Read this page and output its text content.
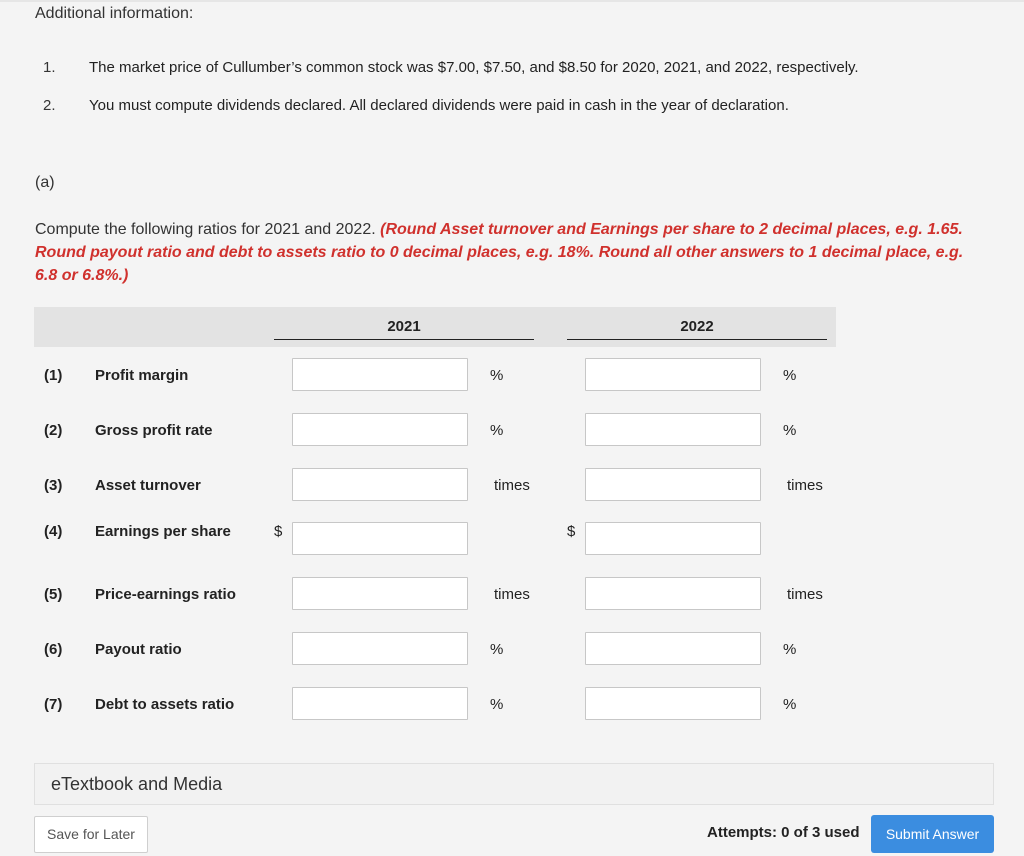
Additional information:
1. The market price of Cullumber’s common stock was $7.00, $7.50, and $8.50 for 2020, 2021, and 2022, respectively.
2. You must compute dividends declared. All declared dividends were paid in cash in the year of declaration.
(a)
Compute the following ratios for 2021 and 2022. (Round Asset turnover and Earnings per share to 2 decimal places, e.g. 1.65. Round payout ratio and debt to assets ratio to 0 decimal places, e.g. 18%. Round all other answers to 1 decimal place, e.g. 6.8 or 6.8%.)
2021	2022
(1) Profit margin	%	%
(2) Gross profit rate	%	%
(3) Asset turnover	times	times
(4) Earnings per share	$	$
(5) Price-earnings ratio	times	times
(6) Payout ratio	%	%
(7) Debt to assets ratio	%	%
eTextbook and Media
Save for Later	Attempts: 0 of 3 used	Submit Answer
